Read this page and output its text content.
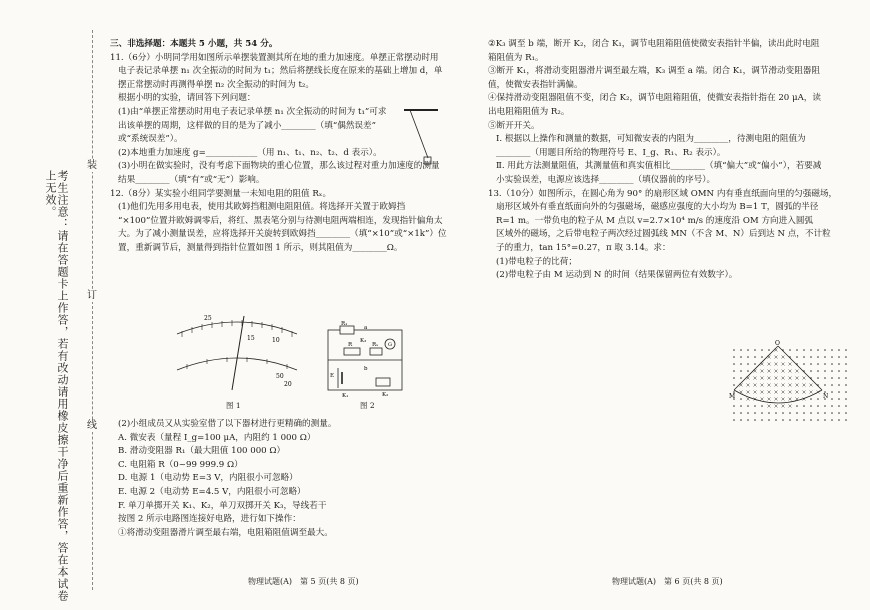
考生注意：请在答题卡上作答，若有改动请用橡皮擦干净后重新作答，答在本试卷上无效。
装
订
线

三、非选择题：本题共 5 小题，共 54 分。

11.（6分）小明同学用如图所示单摆装置测其所在地的重力加速度。单摆正常摆动时用

电子表记录单摆 n₁ 次全振动的时间为 t₁；然后将摆线长度在原来的基础上增加 d，单

摆正常摆动时再测得单摆 n₂ 次全振动的时间为 t₂。

根据小明的实验，请回答下列问题：

(1)由“单摆正常摆动时用电子表记录单摆 n₁ 次全振动的时间为 t₁”可求

出该单摆的周期，这样做的目的是为了减小________（填“偶然误差”

或“系统误差”）。

(2)本地重力加速度 g=____________（用 n₁、t₁、n₂、t₂、d 表示）。

(3)小明在做实验时，没有考虑下面物块的重心位置，那么该过程对重力加速度的测量

结果________（填“有”或“无”）影响。

12.（8分）某实验小组同学要测量一未知电阻的阻值 Rₓ。

(1)他们先用多用电表，使用其欧姆挡粗测电阻阻值。将选择开关置于欧姆挡

“×100”位置并欧姆调零后，将红、黑表笔分别与待测电阻两端相连，发现指针偏角太

大。为了减小测量误差，应将选择开关旋转到欧姆挡________（填“×10”或“×1k”）位

置，重新调节后，测量得到指针位置如图 1 所示，则其阻值为________Ω。

25
15	10
50
20
图 1
R₁
a
K₃
b
R	Rₓ G
K₁
E
K₂
图 2

(2)小组成员又从实验室借了以下器材进行更精确的测量。

A. 微安表（量程 I_g=100 μA，内阻约 1 000 Ω）

B. 滑动变阻器 R₁（最大阻值 100 000 Ω）

C. 电阻箱 R（0~99 999.9 Ω）

D. 电源 1（电动势 E=3 V，内阻很小可忽略）

E. 电源 2（电动势 E=4.5 V，内阻很小可忽略）

F. 单刀单掷开关 K₁、K₂，单刀双掷开关 K₃，导线若干

按图 2 所示电路图连接好电路，进行如下操作：

①将滑动变阻器滑片调至最右端，电阻箱阻值调至最大。

②K₃ 调至 b 端，断开 K₂，闭合 K₁，调节电阻箱阻值使微安表指针半偏，读出此时电阻

箱阻值为 R₁。

③断开 K₁，将滑动变阻器滑片调至最左端，K₃ 调至 a 端。闭合 K₁，调节滑动变阻器阻

值，使微安表指针满偏。

④保持滑动变阻器阻值不变，闭合 K₂，调节电阻箱阻值，使微安表指针指在 20 μA，读

出电阻箱阻值为 R₂。

⑤断开开关。

Ⅰ. 根据以上操作和测量的数据，可知微安表的内阻为________，待测电阻的阻值为

________（用题目所给的物理符号 E、I_g、R₁、R₂ 表示）。

Ⅱ. 用此方法测量阻值，其测量值和真实值相比________（填“偏大”或“偏小”），若要减

小实验误差，电源应该选择________（填仪器前的序号）。

13.（10分）如图所示，在圆心角为 90° 的扇形区域 OMN 内有垂直纸面向里的匀强磁场，

扇形区域外有垂直纸面向外的匀强磁场，磁感应强度的大小均为 B=1 T，圆弧的半径

R=1 m。一带负电的粒子从 M 点以 v=2.7×10⁴ m/s 的速度沿 OM 方向进入圆弧

区域外的磁场，之后带电粒子两次经过圆弧线 MN（不含 M、N）后到达 N 点，不计粒

子的重力，tan 15°=0.27，π 取 3.14。求：

(1)带电粒子的比荷；

(2)带电粒子由 M 运动到 N 的时间（结果保留两位有效数字）。

O
M	N
物理试题(A)　第 5 页(共 8 页)	物理试题(A)　第 6 页(共 8 页)
